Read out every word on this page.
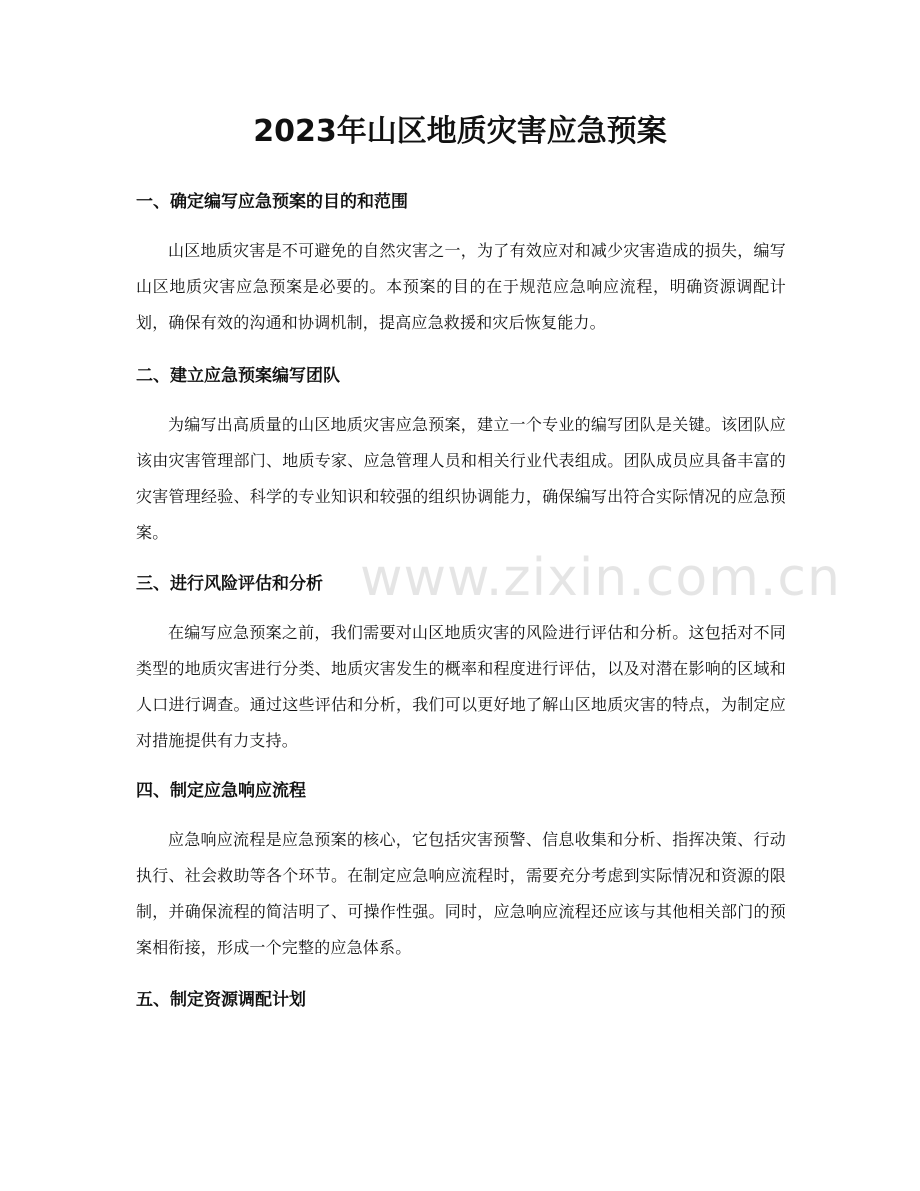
www.zixin.com.cn
2023年山区地质灾害应急预案
一、确定编写应急预案的目的和范围

山区地质灾害是不可避免的自然灾害之一，为了有效应对和减少灾害造成的损失，编写山区地质灾害应急预案是必要的。本预案的目的在于规范应急响应流程，明确资源调配计划，确保有效的沟通和协调机制，提高应急救援和灾后恢复能力。

二、建立应急预案编写团队

为编写出高质量的山区地质灾害应急预案，建立一个专业的编写团队是关键。该团队应该由灾害管理部门、地质专家、应急管理人员和相关行业代表组成。团队成员应具备丰富的灾害管理经验、科学的专业知识和较强的组织协调能力，确保编写出符合实际情况的应急预案。

三、进行风险评估和分析

在编写应急预案之前，我们需要对山区地质灾害的风险进行评估和分析。这包括对不同类型的地质灾害进行分类、地质灾害发生的概率和程度进行评估，以及对潜在影响的区域和人口进行调查。通过这些评估和分析，我们可以更好地了解山区地质灾害的特点，为制定应对措施提供有力支持。

四、制定应急响应流程

应急响应流程是应急预案的核心，它包括灾害预警、信息收集和分析、指挥决策、行动执行、社会救助等各个环节。在制定应急响应流程时，需要充分考虑到实际情况和资源的限制，并确保流程的简洁明了、可操作性强。同时，应急响应流程还应该与其他相关部门的预案相衔接，形成一个完整的应急体系。

五、制定资源调配计划
